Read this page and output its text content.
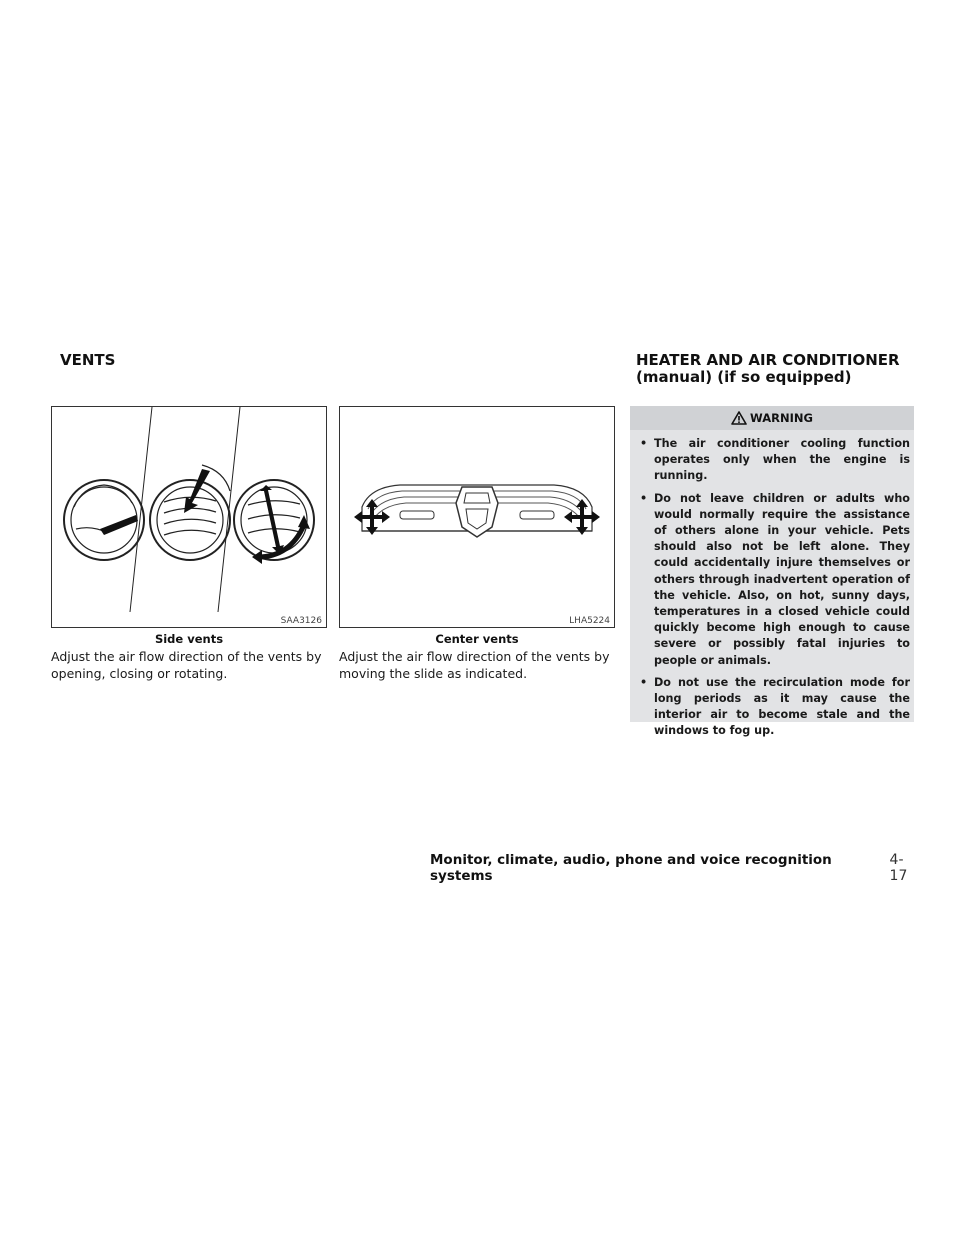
VENTS	HEATER AND AIR CONDITIONER
(manual) (if so equipped)
SAA3126
Side vents
Adjust the air flow direction of the vents by opening, closing or rotating.
LHA5224
Center vents
Adjust the air flow direction of the vents by moving the slide as indicated.
WARNING
• The air conditioner cooling function operates only when the engine is running.
• Do not leave children or adults who would normally require the assistance of others alone in your vehicle. Pets should also not be left alone. They could accidentally injure themselves or others through inadvertent operation of the vehicle. Also, on hot, sunny days, temperatures in a closed vehicle could quickly become high enough to cause severe or possibly fatal injuries to people or animals.
• Do not use the recirculation mode for long periods as it may cause the interior air to become stale and the windows to fog up.
Monitor, climate, audio, phone and voice recognition systems
4-17
